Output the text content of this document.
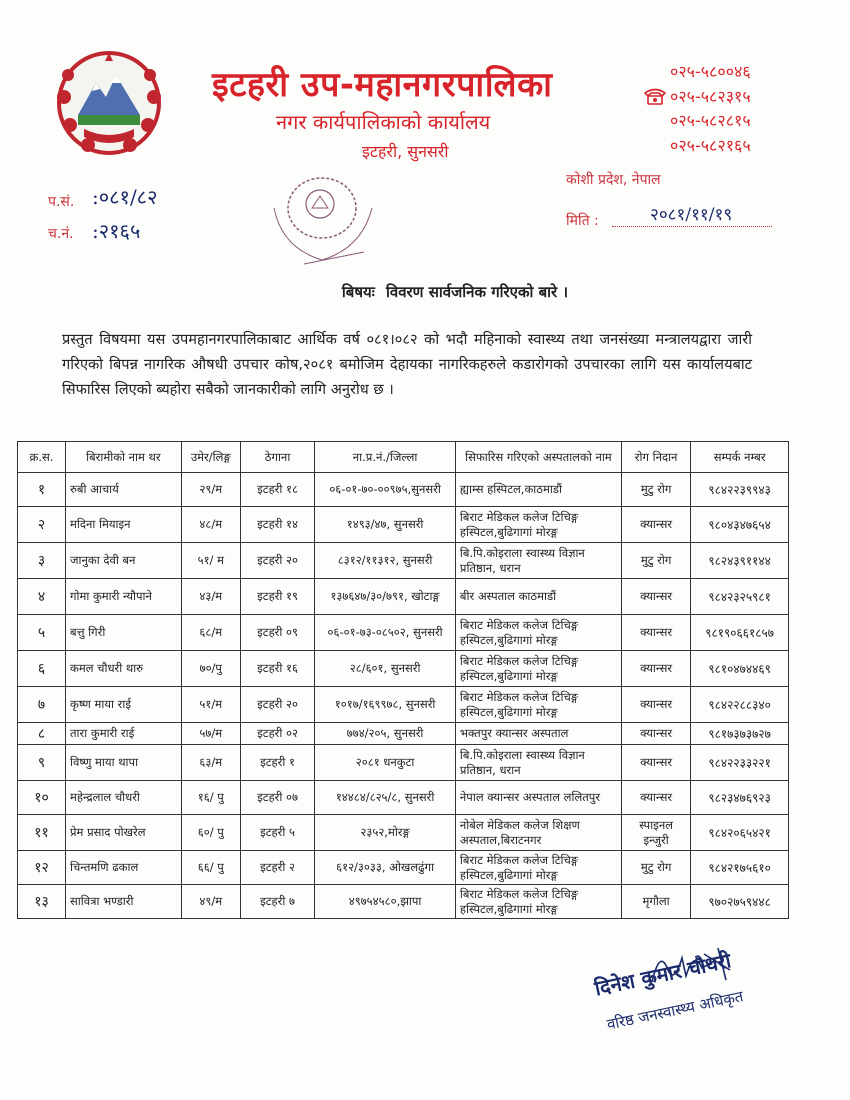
इटहरी उप-महानगरपालिका
नगर कार्यपालिकाको कार्यालय
इटहरी, सुनसरी
०२५-५८००४६
०२५-५८२३१५
०२५-५८२८१५
०२५-५८२१६५
कोशी प्रदेश, नेपाल
प.सं. :०८१/८२
च.नं. :२१६५	मिति :	२०८१/११/१९
बिषयः विवरण सार्वजनिक गरिएको बारे ।
प्रस्तुत विषयमा यस उपमहानगरपालिकाबाट आर्थिक वर्ष ०८१।०८२ को भदौ महिनाको स्वास्थ्य तथा जनसंख्या मन्त्रालयद्वारा जारी गरिएको बिपन्न नागरिक औषधी उपचार कोष,२०८१ बमोजिम देहायका नागरिकहरुले कडारोगको उपचारका लागि यस कार्यालयबाट सिफारिस लिएको ब्यहोरा सबैको जानकारीको लागि अनुरोध छ ।
क्र.स.	बिरामीको नाम थर	उमेर/लिङ्ग	ठेगाना	ना.प्र.नं./जिल्ला	सिफारिस गरिएको अस्पतालको नाम	रोग निदान	सम्पर्क नम्बर
१	रुबी आचार्य	२९/म	इटहरी १८	०६-०१-७०-००९७५,सुनसरी	ह्याम्स हस्पिटल,काठमाडौं	मुटु रोग	९८४२२३९९४३
२	मदिना मियाइन	४८/म	इटहरी १४	१४९३/४७, सुनसरी	बिराट मेडिकल कलेज टिचिङ्ग हस्पिटल,बुढिगागां मोरङ्ग	क्यान्सर	९८०४३४७६५४
३	जानुका देवी बन	५१/ म	इटहरी २०	८३१२/११३१२, सुनसरी	बि.पि.कोइराला स्वास्थ्य विज्ञान प्रतिष्ठान, धरान	मुटु रोग	९८२४३९११४४
४	गोमा कुमारी न्यौपाने	४३/म	इटहरी १९	१३७६४७/३०/७९१, खोटाङ्ग	बीर अस्पताल काठमाडौं	क्यान्सर	९८४२३२५९८१
५	बत्तु गिरी	६८/म	इटहरी ०९	०६-०१-७३-०८५०२, सुनसरी	बिराट मेडिकल कलेज टिचिङ्ग हस्पिटल,बुढिगागां मोरङ्ग	क्यान्सर	९८१९०६६१८५७
६	कमल चौधरी थारु	७०/पु	इटहरी १६	२८/६०१, सुनसरी	बिराट मेडिकल कलेज टिचिङ्ग हस्पिटल,बुढिगागां मोरङ्ग	क्यान्सर	९८१०४७४४६९
७	कृष्ण माया राई	५१/म	इटहरी २०	१०१७/१६९९७८, सुनसरी	बिराट मेडिकल कलेज टिचिङ्ग हस्पिटल,बुढिगागां मोरङ्ग	क्यान्सर	९८४२२८८३४०
८	तारा कुमारी राई	५७/म	इटहरी ०२	७७४/२०५, सुनसरी	भक्तपुर क्यान्सर अस्पताल	क्यान्सर	९८१७३७३७२७
९	विष्णु माया थापा	६३/म	इटहरी १	२०८१ धनकुटा	बि.पि.कोइराला स्वास्थ्य विज्ञान प्रतिष्ठान, धरान	क्यान्सर	९८४२२३३२२१
१०	महेन्द्रलाल चौधरी	१६/ पु	इटहरी ०७	१४४८४/८२५/८, सुनसरी	नेपाल क्यान्सर अस्पताल ललितपुर	क्यान्सर	९८२३४७६९२३
११	प्रेम प्रसाद पोखरेल	६०/ पु	इटहरी ५	२३५२,मोरङ्ग	नोबेल मेडिकल कलेज शिक्षण अस्पताल,बिराटनगर	स्पाइनल इन्जुरी	९८४२०६५४२१
१२	चिन्तमणि ढकाल	६६/ पु	इटहरी २	६१२/३०३३, ओखलढुंगा	बिराट मेडिकल कलेज टिचिङ्ग हस्पिटल,बुढिगागां मोरङ्ग	मुटु रोग	९८४२१७५६१०
१३	सावित्रा भण्डारी	४९/म	इटहरी ७	४९७५४५८०,झापा	बिराट मेडिकल कलेज टिचिङ्ग हस्पिटल,बुढिगागां मोरङ्ग	मृगौला	९७०२७५९४४८
दिनेश कुमार चौधरी
वरिष्ठ जनस्वास्थ्य अधिकृत
